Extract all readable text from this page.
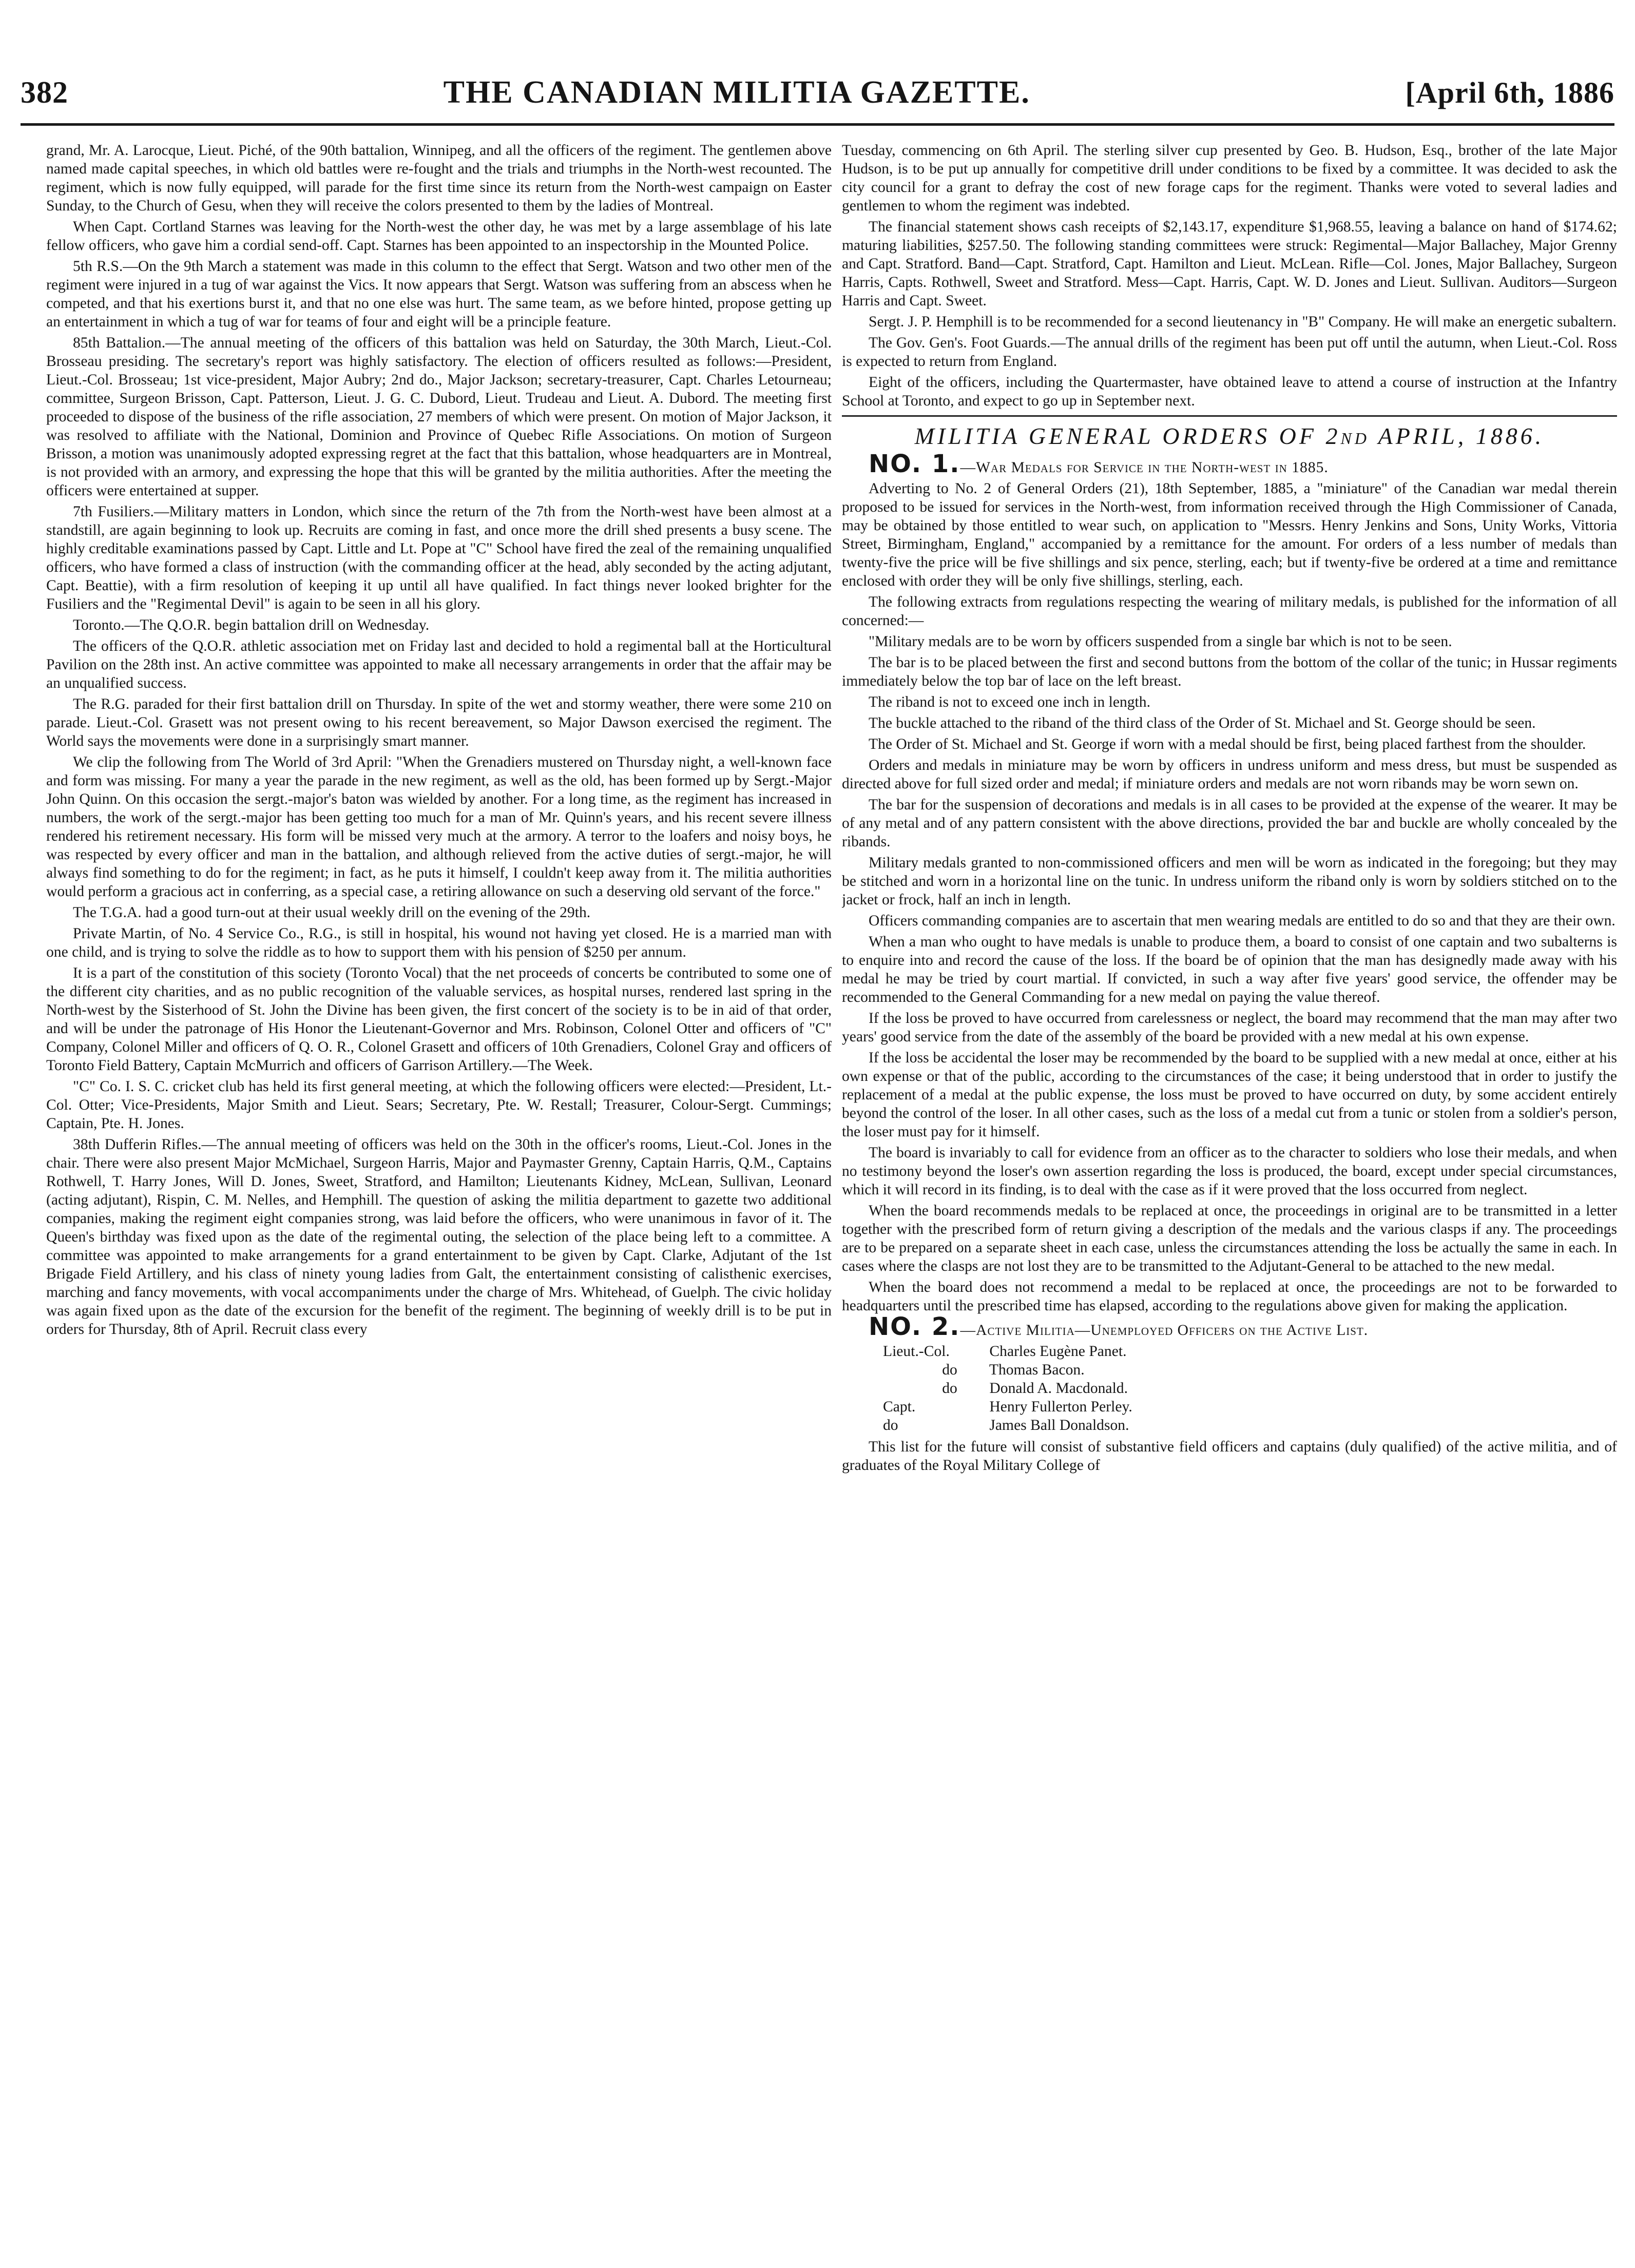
382	THE CANADIAN MILITIA GAZETTE.	[April 6th, 1886

grand, Mr. A. Larocque, Lieut. Piché, of the 90th battalion, Winnipeg, and all the officers of the regiment. The gentlemen above named made capital speeches, in which old battles were re-fought and the trials and triumphs in the North-west recounted. The regiment, which is now fully equipped, will parade for the first time since its return from the North-west campaign on Easter Sunday, to the Church of Gesu, when they will receive the colors presented to them by the ladies of Montreal.

When Capt. Cortland Starnes was leaving for the North-west the other day, he was met by a large assemblage of his late fellow officers, who gave him a cordial send-off. Capt. Starnes has been appointed to an inspectorship in the Mounted Police.

5th R.S.—On the 9th March a statement was made in this column to the effect that Sergt. Watson and two other men of the regiment were injured in a tug of war against the Vics. It now appears that Sergt. Watson was suffering from an abscess when he competed, and that his exertions burst it, and that no one else was hurt. The same team, as we before hinted, propose getting up an entertainment in which a tug of war for teams of four and eight will be a principle feature.

85th Battalion.—The annual meeting of the officers of this battalion was held on Saturday, the 30th March, Lieut.-Col. Brosseau presiding. The secretary's report was highly satisfactory. The election of officers resulted as follows:—President, Lieut.-Col. Brosseau; 1st vice-president, Major Aubry; 2nd do., Major Jackson; secretary-treasurer, Capt. Charles Letourneau; committee, Surgeon Brisson, Capt. Patterson, Lieut. J. G. C. Dubord, Lieut. Trudeau and Lieut. A. Dubord. The meeting first proceeded to dispose of the business of the rifle association, 27 members of which were present. On motion of Major Jackson, it was resolved to affiliate with the National, Dominion and Province of Quebec Rifle Associations. On motion of Surgeon Brisson, a motion was unanimously adopted expressing regret at the fact that this battalion, whose headquarters are in Montreal, is not provided with an armory, and expressing the hope that this will be granted by the militia authorities. After the meeting the officers were entertained at supper.

7th Fusiliers.—Military matters in London, which since the return of the 7th from the North-west have been almost at a standstill, are again beginning to look up. Recruits are coming in fast, and once more the drill shed presents a busy scene. The highly creditable examinations passed by Capt. Little and Lt. Pope at "C" School have fired the zeal of the remaining unqualified officers, who have formed a class of instruction (with the commanding officer at the head, ably seconded by the acting adjutant, Capt. Beattie), with a firm resolution of keeping it up until all have qualified. In fact things never looked brighter for the Fusiliers and the "Regimental Devil" is again to be seen in all his glory.

Toronto.—The Q.O.R. begin battalion drill on Wednesday.

The officers of the Q.O.R. athletic association met on Friday last and decided to hold a regimental ball at the Horticultural Pavilion on the 28th inst. An active committee was appointed to make all necessary arrangements in order that the affair may be an unqualified success.

The R.G. paraded for their first battalion drill on Thursday. In spite of the wet and stormy weather, there were some 210 on parade. Lieut.-Col. Grasett was not present owing to his recent bereavement, so Major Dawson exercised the regiment. The World says the movements were done in a surprisingly smart manner.

We clip the following from The World of 3rd April: "When the Grenadiers mustered on Thursday night, a well-known face and form was missing. For many a year the parade in the new regiment, as well as the old, has been formed up by Sergt.-Major John Quinn. On this occasion the sergt.-major's baton was wielded by another. For a long time, as the regiment has increased in numbers, the work of the sergt.-major has been getting too much for a man of Mr. Quinn's years, and his recent severe illness rendered his retirement necessary. His form will be missed very much at the armory. A terror to the loafers and noisy boys, he was respected by every officer and man in the battalion, and although relieved from the active duties of sergt.-major, he will always find something to do for the regiment; in fact, as he puts it himself, I couldn't keep away from it. The militia authorities would perform a gracious act in conferring, as a special case, a retiring allowance on such a deserving old servant of the force."

The T.G.A. had a good turn-out at their usual weekly drill on the evening of the 29th.

Private Martin, of No. 4 Service Co., R.G., is still in hospital, his wound not having yet closed. He is a married man with one child, and is trying to solve the riddle as to how to support them with his pension of $250 per annum.

It is a part of the constitution of this society (Toronto Vocal) that the net proceeds of concerts be contributed to some one of the different city charities, and as no public recognition of the valuable services, as hospital nurses, rendered last spring in the North-west by the Sisterhood of St. John the Divine has been given, the first concert of the society is to be in aid of that order, and will be under the patronage of His Honor the Lieutenant-Governor and Mrs. Robinson, Colonel Otter and officers of "C" Company, Colonel Miller and officers of Q. O. R., Colonel Grasett and officers of 10th Grenadiers, Colonel Gray and officers of Toronto Field Battery, Captain McMurrich and officers of Garrison Artillery.—The Week.

"C" Co. I. S. C. cricket club has held its first general meeting, at which the following officers were elected:—President, Lt.-Col. Otter; Vice-Presidents, Major Smith and Lieut. Sears; Secretary, Pte. W. Restall; Treasurer, Colour-Sergt. Cummings; Captain, Pte. H. Jones.

38th Dufferin Rifles.—The annual meeting of officers was held on the 30th in the officer's rooms, Lieut.-Col. Jones in the chair. There were also present Major McMichael, Surgeon Harris, Major and Paymaster Grenny, Captain Harris, Q.M., Captains Rothwell, T. Harry Jones, Will D. Jones, Sweet, Stratford, and Hamilton; Lieutenants Kidney, McLean, Sullivan, Leonard (acting adjutant), Rispin, C. M. Nelles, and Hemphill. The question of asking the militia department to gazette two additional companies, making the regiment eight companies strong, was laid before the officers, who were unanimous in favor of it. The Queen's birthday was fixed upon as the date of the regimental outing, the selection of the place being left to a committee. A committee was appointed to make arrangements for a grand entertainment to be given by Capt. Clarke, Adjutant of the 1st Brigade Field Artillery, and his class of ninety young ladies from Galt, the entertainment consisting of calisthenic exercises, marching and fancy movements, with vocal accompaniments under the charge of Mrs. Whitehead, of Guelph. The civic holiday was again fixed upon as the date of the excursion for the benefit of the regiment. The beginning of weekly drill is to be put in orders for Thursday, 8th of April. Recruit class every

Tuesday, commencing on 6th April. The sterling silver cup presented by Geo. B. Hudson, Esq., brother of the late Major Hudson, is to be put up annually for competitive drill under conditions to be fixed by a committee. It was decided to ask the city council for a grant to defray the cost of new forage caps for the regiment. Thanks were voted to several ladies and gentlemen to whom the regiment was indebted.

The financial statement shows cash receipts of $2,143.17, expenditure $1,968.55, leaving a balance on hand of $174.62; maturing liabilities, $257.50. The following standing committees were struck: Regimental—Major Ballachey, Major Grenny and Capt. Stratford. Band—Capt. Stratford, Capt. Hamilton and Lieut. McLean. Rifle—Col. Jones, Major Ballachey, Surgeon Harris, Capts. Rothwell, Sweet and Stratford. Mess—Capt. Harris, Capt. W. D. Jones and Lieut. Sullivan. Auditors—Surgeon Harris and Capt. Sweet.

Sergt. J. P. Hemphill is to be recommended for a second lieutenancy in "B" Company. He will make an energetic subaltern.

The Gov. Gen's. Foot Guards.—The annual drills of the regiment has been put off until the autumn, when Lieut.-Col. Ross is expected to return from England.

Eight of the officers, including the Quartermaster, have obtained leave to attend a course of instruction at the Infantry School at Toronto, and expect to go up in September next.

MILITIA GENERAL ORDERS OF 2nd APRIL, 1886.

NO. 1.—War Medals for Service in the North-west in 1885.

Adverting to No. 2 of General Orders (21), 18th September, 1885, a "miniature" of the Canadian war medal therein proposed to be issued for services in the North-west, from information received through the High Commissioner of Canada, may be obtained by those entitled to wear such, on application to "Messrs. Henry Jenkins and Sons, Unity Works, Vittoria Street, Birmingham, England," accompanied by a remittance for the amount. For orders of a less number of medals than twenty-five the price will be five shillings and six pence, sterling, each; but if twenty-five be ordered at a time and remittance enclosed with order they will be only five shillings, sterling, each.

The following extracts from regulations respecting the wearing of military medals, is published for the information of all concerned:—

"Military medals are to be worn by officers suspended from a single bar which is not to be seen.

The bar is to be placed between the first and second buttons from the bottom of the collar of the tunic; in Hussar regiments immediately below the top bar of lace on the left breast.

The riband is not to exceed one inch in length.

The buckle attached to the riband of the third class of the Order of St. Michael and St. George should be seen.

The Order of St. Michael and St. George if worn with a medal should be first, being placed farthest from the shoulder.

Orders and medals in miniature may be worn by officers in undress uniform and mess dress, but must be suspended as directed above for full sized order and medal; if miniature orders and medals are not worn ribands may be worn sewn on.

The bar for the suspension of decorations and medals is in all cases to be provided at the expense of the wearer. It may be of any metal and of any pattern consistent with the above directions, provided the bar and buckle are wholly concealed by the ribands.

Military medals granted to non-commissioned officers and men will be worn as indicated in the foregoing; but they may be stitched and worn in a horizontal line on the tunic. In undress uniform the riband only is worn by soldiers stitched on to the jacket or frock, half an inch in length.

Officers commanding companies are to ascertain that men wearing medals are entitled to do so and that they are their own.

When a man who ought to have medals is unable to produce them, a board to consist of one captain and two subalterns is to enquire into and record the cause of the loss. If the board be of opinion that the man has designedly made away with his medal he may be tried by court martial. If convicted, in such a way after five years' good service, the offender may be recommended to the General Commanding for a new medal on paying the value thereof.

If the loss be proved to have occurred from carelessness or neglect, the board may recommend that the man may after two years' good service from the date of the assembly of the board be provided with a new medal at his own expense.

If the loss be accidental the loser may be recommended by the board to be supplied with a new medal at once, either at his own expense or that of the public, according to the circumstances of the case; it being understood that in order to justify the replacement of a medal at the public expense, the loss must be proved to have occurred on duty, by some accident entirely beyond the control of the loser. In all other cases, such as the loss of a medal cut from a tunic or stolen from a soldier's person, the loser must pay for it himself.

The board is invariably to call for evidence from an officer as to the character to soldiers who lose their medals, and when no testimony beyond the loser's own assertion regarding the loss is produced, the board, except under special circumstances, which it will record in its finding, is to deal with the case as if it were proved that the loss occurred from neglect.

When the board recommends medals to be replaced at once, the proceedings in original are to be transmitted in a letter together with the prescribed form of return giving a description of the medals and the various clasps if any. The proceedings are to be prepared on a separate sheet in each case, unless the circumstances attending the loss be actually the same in each. In cases where the clasps are not lost they are to be transmitted to the Adjutant-General to be attached to the new medal.

When the board does not recommend a medal to be replaced at once, the proceedings are not to be forwarded to headquarters until the prescribed time has elapsed, according to the regulations above given for making the application.

NO. 2.—Active Militia—Unemployed Officers on the Active List.

Lieut.-Col.	Charles Eugène Panet.
do Thomas Bacon.
do Donald A. Macdonald.
Capt.	Henry Fullerton Perley.
do	James Ball Donaldson.

This list for the future will consist of substantive field officers and captains (duly qualified) of the active militia, and of graduates of the Royal Military College of
